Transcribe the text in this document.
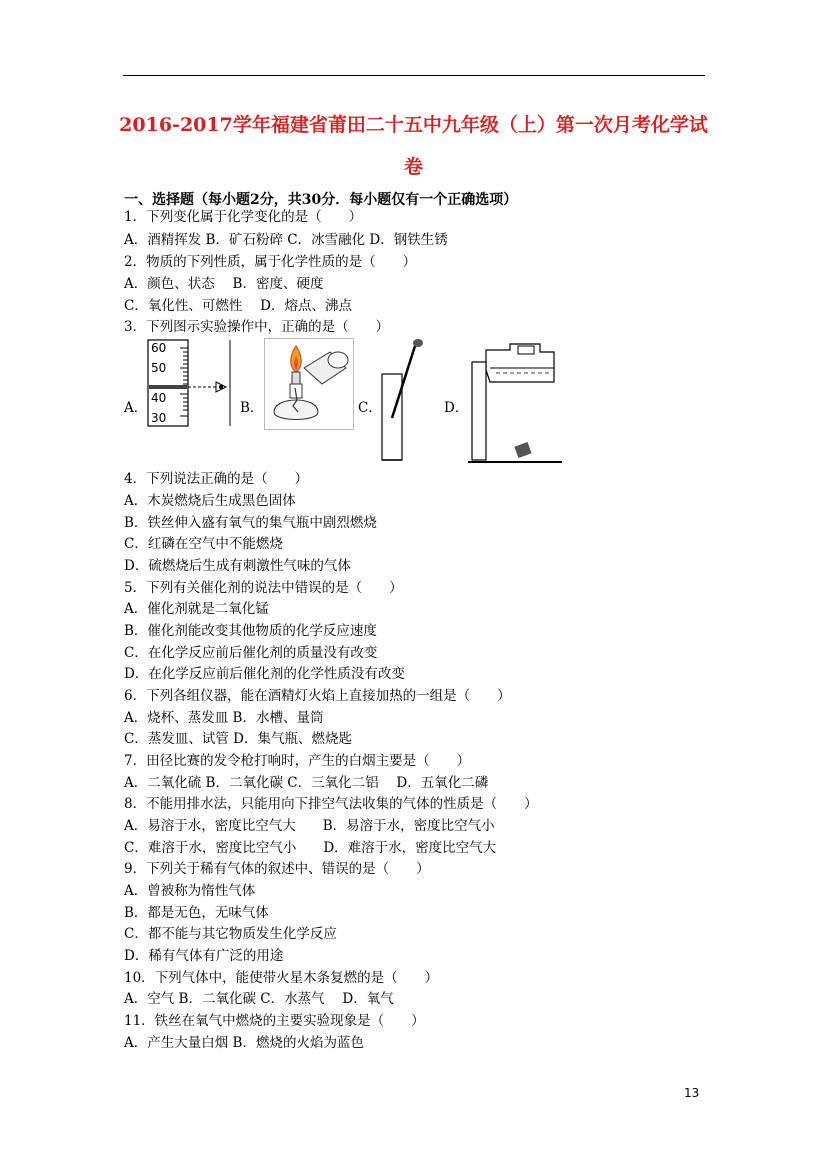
2016-2017学年福建省莆田二十五中九年级（上）第一次月考化学试
卷
一、选择题（每小题2分，共30分．每小题仅有一个正确选项）
1．下列变化属于化学变化的是（　　）
A．酒精挥发 B．矿石粉碎 C．冰雪融化 D．钢铁生锈
2．物质的下列性质，属于化学性质的是（　　）
A．颜色、状态　 B．密度、硬度
C．氧化性、可燃性　 D．熔点、沸点
3．下列图示实验操作中，正确的是（　　）
A．
60
50
40
30
B．	C．	D．
4．下列说法正确的是（　　）
A．木炭燃烧后生成黑色固体
B．铁丝伸入盛有氧气的集气瓶中剧烈燃烧
C．红磷在空气中不能燃烧
D．硫燃烧后生成有刺激性气味的气体
5．下列有关催化剂的说法中错误的是（　　）
A．催化剂就是二氧化锰
B．催化剂能改变其他物质的化学反应速度
C．在化学反应前后催化剂的质量没有改变
D．在化学反应前后催化剂的化学性质没有改变
6．下列各组仪器，能在酒精灯火焰上直接加热的一组是（　　）
A．烧杯、蒸发皿 B．水槽、量筒
C．蒸发皿、试管 D．集气瓶、燃烧匙
7．田径比赛的发令枪打响时，产生的白烟主要是（　　）
A．二氧化硫 B．二氧化碳 C．三氧化二铝　 D．五氧化二磷
8．不能用排水法，只能用向下排空气法收集的气体的性质是（　　）
A．易溶于水，密度比空气大　　B．易溶于水，密度比空气小
C．难溶于水，密度比空气小　　D．难溶于水，密度比空气大
9．下列关于稀有气体的叙述中、错误的是（　　）
A．曾被称为惰性气体
B．都是无色，无味气体
C．都不能与其它物质发生化学反应
D．稀有气体有广泛的用途
10．下列气体中，能使带火星木条复燃的是（　　）
A．空气 B．二氧化碳 C．水蒸气　 D．氧气
11．铁丝在氧气中燃烧的主要实验现象是（　　）
A．产生大量白烟 B．燃烧的火焰为蓝色
13
